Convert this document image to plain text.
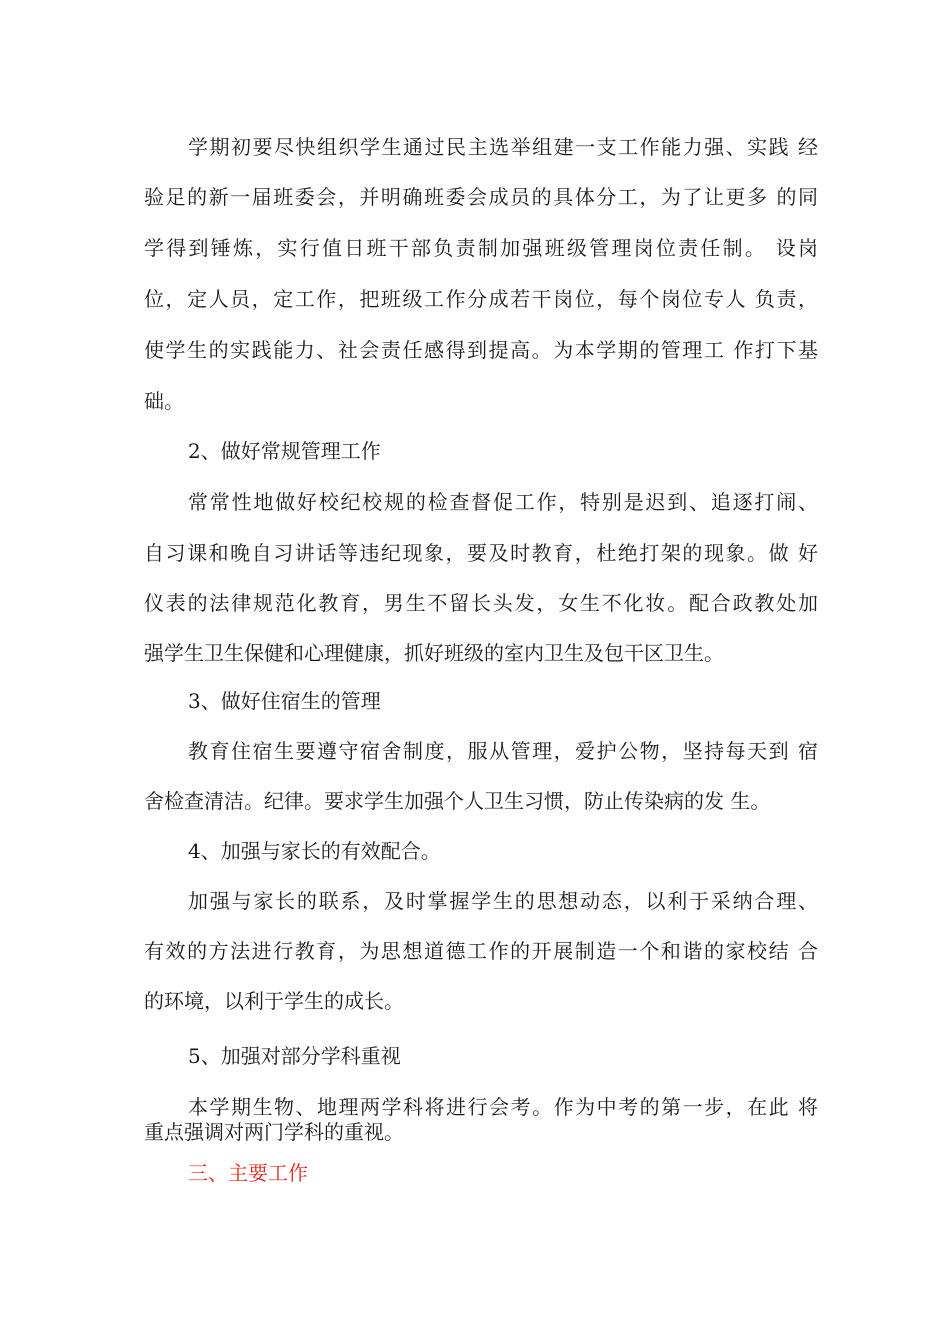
学期初要尽快组织学生通过民主选举组建一支工作能力强、实践 经
验足的新一届班委会，并明确班委会成员的具体分工，为了让更多 的同
学得到锤炼，实行值日班干部负责制加强班级管理岗位责任制。 设岗
位，定人员，定工作，把班级工作分成若干岗位，每个岗位专人 负责，
使学生的实践能力、社会责任感得到提高。为本学期的管理工 作打下基
础。
2、做好常规管理工作
常常性地做好校纪校规的检查督促工作，特别是迟到、追逐打闹、
自习课和晚自习讲话等违纪现象，要及时教育，杜绝打架的现象。做 好
仪表的法律规范化教育，男生不留长头发，女生不化妆。配合政教处加
强学生卫生保健和心理健康，抓好班级的室内卫生及包干区卫生。
3、做好住宿生的管理
教育住宿生要遵守宿舍制度，服从管理，爱护公物，坚持每天到 宿
舍检查清洁。纪律。要求学生加强个人卫生习惯，防止传染病的发 生。
4、加强与家长的有效配合。
加强与家长的联系，及时掌握学生的思想动态，以利于采纳合理、
有效的方法进行教育，为思想道德工作的开展制造一个和谐的家校结 合
的环境，以利于学生的成长。
5、加强对部分学科重视
本学期生物、地理两学科将进行会考。作为中考的第一步，在此 将
重点强调对两门学科的重视。
三、主要工作
